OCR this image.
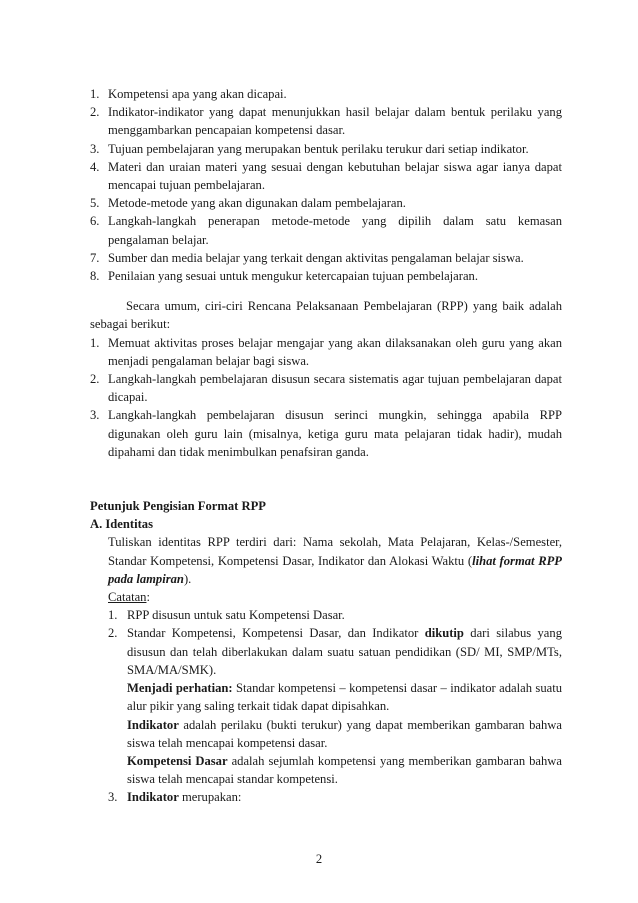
1. Kompetensi apa yang akan dicapai.
2. Indikator-indikator yang dapat menunjukkan hasil belajar dalam bentuk perilaku yang menggambarkan pencapaian kompetensi dasar.
3. Tujuan pembelajaran yang merupakan bentuk perilaku terukur dari setiap indikator.
4. Materi dan uraian materi yang sesuai dengan kebutuhan belajar siswa agar ianya dapat mencapai tujuan pembelajaran.
5. Metode-metode yang akan digunakan dalam pembelajaran.
6. Langkah-langkah penerapan metode-metode yang dipilih dalam satu kemasan pengalaman belajar.
7. Sumber dan media belajar yang terkait dengan aktivitas pengalaman belajar siswa.
8. Penilaian yang sesuai untuk mengukur ketercapaian tujuan pembelajaran.

Secara umum, ciri-ciri Rencana Pelaksanaan Pembelajaran (RPP) yang baik adalah sebagai berikut:

1. Memuat aktivitas proses belajar mengajar yang akan dilaksanakan oleh guru yang akan menjadi pengalaman belajar bagi siswa.
2. Langkah-langkah pembelajaran disusun secara sistematis agar tujuan pembelajaran dapat dicapai.
3. Langkah-langkah pembelajaran disusun serinci mungkin, sehingga apabila RPP digunakan oleh guru lain (misalnya, ketiga guru mata pelajaran tidak hadir), mudah dipahami dan tidak menimbulkan penafsiran ganda.

Petunjuk Pengisian Format RPP

A. Identitas

Tuliskan identitas RPP terdiri dari: Nama sekolah, Mata Pelajaran, Kelas-/Semester, Standar Kompetensi, Kompetensi Dasar, Indikator dan Alokasi Waktu (lihat format RPP pada lampiran).

Catatan:

1. RPP disusun untuk satu Kompetensi Dasar.
2. Standar Kompetensi, Kompetensi Dasar, dan Indikator dikutip dari silabus yang disusun dan telah diberlakukan dalam suatu satuan pendidikan (SD/ MI, SMP/MTs, SMA/MA/SMK).

Menjadi perhatian: Standar kompetensi – kompetensi dasar – indikator adalah suatu alur pikir yang saling terkait tidak dapat dipisahkan.

Indikator adalah perilaku (bukti terukur) yang dapat memberikan gambaran bahwa siswa telah mencapai kompetensi dasar.

Kompetensi Dasar adalah sejumlah kompetensi yang memberikan gambaran bahwa siswa telah mencapai standar kompetensi.

3. Indikator merupakan:
2
